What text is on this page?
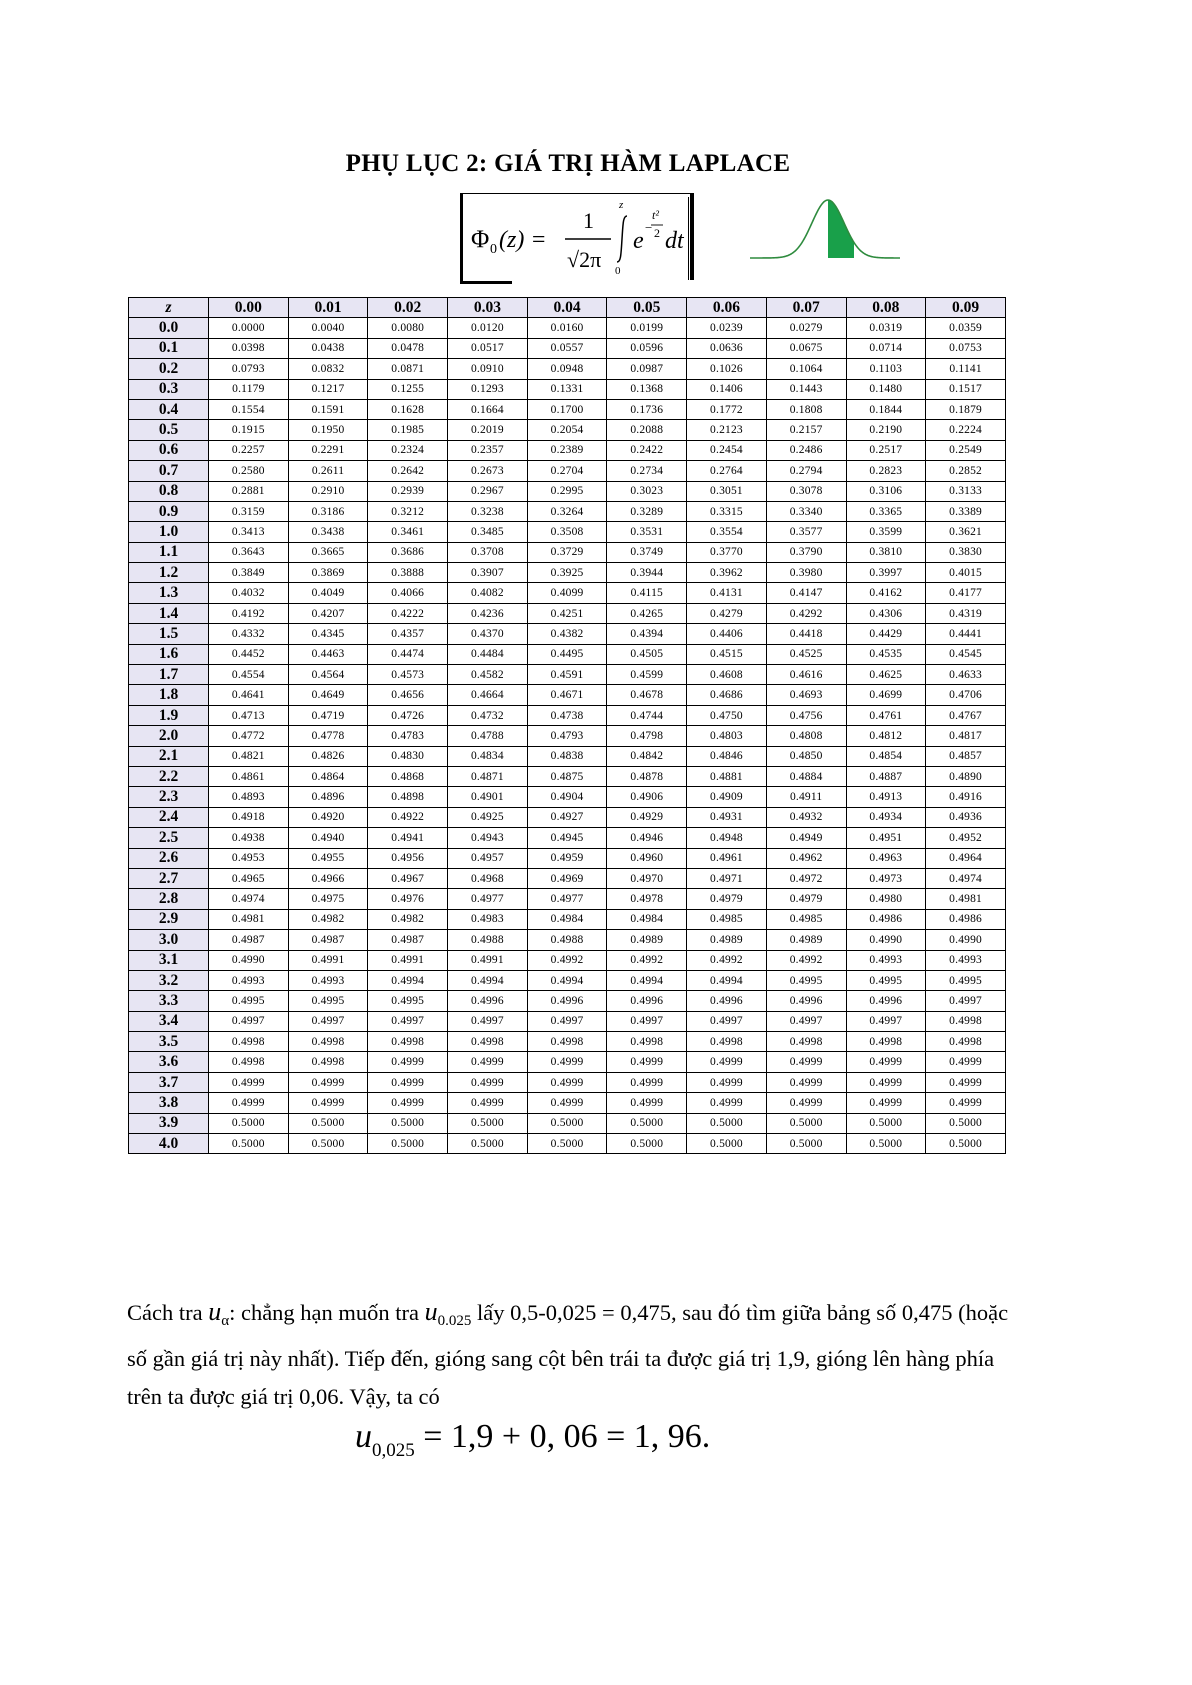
PHỤ LỤC 2: GIÁ TRỊ HÀM LAPLACE
Φ 0 (z) =
1
√2π
z
0
e
−
t²
2 dt
z	0.00	0.01	0.02	0.03	0.04	0.05	0.06	0.07	0.08	0.09
0.0	0.0000	0.0040	0.0080	0.0120	0.0160	0.0199	0.0239	0.0279	0.0319	0.0359
0.1	0.0398	0.0438	0.0478	0.0517	0.0557	0.0596	0.0636	0.0675	0.0714	0.0753
0.2	0.0793	0.0832	0.0871	0.0910	0.0948	0.0987	0.1026	0.1064	0.1103	0.1141
0.3	0.1179	0.1217	0.1255	0.1293	0.1331	0.1368	0.1406	0.1443	0.1480	0.1517
0.4	0.1554	0.1591	0.1628	0.1664	0.1700	0.1736	0.1772	0.1808	0.1844	0.1879
0.5	0.1915	0.1950	0.1985	0.2019	0.2054	0.2088	0.2123	0.2157	0.2190	0.2224
0.6	0.2257	0.2291	0.2324	0.2357	0.2389	0.2422	0.2454	0.2486	0.2517	0.2549
0.7	0.2580	0.2611	0.2642	0.2673	0.2704	0.2734	0.2764	0.2794	0.2823	0.2852
0.8	0.2881	0.2910	0.2939	0.2967	0.2995	0.3023	0.3051	0.3078	0.3106	0.3133
0.9	0.3159	0.3186	0.3212	0.3238	0.3264	0.3289	0.3315	0.3340	0.3365	0.3389
1.0	0.3413	0.3438	0.3461	0.3485	0.3508	0.3531	0.3554	0.3577	0.3599	0.3621
1.1	0.3643	0.3665	0.3686	0.3708	0.3729	0.3749	0.3770	0.3790	0.3810	0.3830
1.2	0.3849	0.3869	0.3888	0.3907	0.3925	0.3944	0.3962	0.3980	0.3997	0.4015
1.3	0.4032	0.4049	0.4066	0.4082	0.4099	0.4115	0.4131	0.4147	0.4162	0.4177
1.4	0.4192	0.4207	0.4222	0.4236	0.4251	0.4265	0.4279	0.4292	0.4306	0.4319
1.5	0.4332	0.4345	0.4357	0.4370	0.4382	0.4394	0.4406	0.4418	0.4429	0.4441
1.6	0.4452	0.4463	0.4474	0.4484	0.4495	0.4505	0.4515	0.4525	0.4535	0.4545
1.7	0.4554	0.4564	0.4573	0.4582	0.4591	0.4599	0.4608	0.4616	0.4625	0.4633
1.8	0.4641	0.4649	0.4656	0.4664	0.4671	0.4678	0.4686	0.4693	0.4699	0.4706
1.9	0.4713	0.4719	0.4726	0.4732	0.4738	0.4744	0.4750	0.4756	0.4761	0.4767
2.0	0.4772	0.4778	0.4783	0.4788	0.4793	0.4798	0.4803	0.4808	0.4812	0.4817
2.1	0.4821	0.4826	0.4830	0.4834	0.4838	0.4842	0.4846	0.4850	0.4854	0.4857
2.2	0.4861	0.4864	0.4868	0.4871	0.4875	0.4878	0.4881	0.4884	0.4887	0.4890
2.3	0.4893	0.4896	0.4898	0.4901	0.4904	0.4906	0.4909	0.4911	0.4913	0.4916
2.4	0.4918	0.4920	0.4922	0.4925	0.4927	0.4929	0.4931	0.4932	0.4934	0.4936
2.5	0.4938	0.4940	0.4941	0.4943	0.4945	0.4946	0.4948	0.4949	0.4951	0.4952
2.6	0.4953	0.4955	0.4956	0.4957	0.4959	0.4960	0.4961	0.4962	0.4963	0.4964
2.7	0.4965	0.4966	0.4967	0.4968	0.4969	0.4970	0.4971	0.4972	0.4973	0.4974
2.8	0.4974	0.4975	0.4976	0.4977	0.4977	0.4978	0.4979	0.4979	0.4980	0.4981
2.9	0.4981	0.4982	0.4982	0.4983	0.4984	0.4984	0.4985	0.4985	0.4986	0.4986
3.0	0.4987	0.4987	0.4987	0.4988	0.4988	0.4989	0.4989	0.4989	0.4990	0.4990
3.1	0.4990	0.4991	0.4991	0.4991	0.4992	0.4992	0.4992	0.4992	0.4993	0.4993
3.2	0.4993	0.4993	0.4994	0.4994	0.4994	0.4994	0.4994	0.4995	0.4995	0.4995
3.3	0.4995	0.4995	0.4995	0.4996	0.4996	0.4996	0.4996	0.4996	0.4996	0.4997
3.4	0.4997	0.4997	0.4997	0.4997	0.4997	0.4997	0.4997	0.4997	0.4997	0.4998
3.5	0.4998	0.4998	0.4998	0.4998	0.4998	0.4998	0.4998	0.4998	0.4998	0.4998
3.6	0.4998	0.4998	0.4999	0.4999	0.4999	0.4999	0.4999	0.4999	0.4999	0.4999
3.7	0.4999	0.4999	0.4999	0.4999	0.4999	0.4999	0.4999	0.4999	0.4999	0.4999
3.8	0.4999	0.4999	0.4999	0.4999	0.4999	0.4999	0.4999	0.4999	0.4999	0.4999
3.9	0.5000	0.5000	0.5000	0.5000	0.5000	0.5000	0.5000	0.5000	0.5000	0.5000
4.0	0.5000	0.5000	0.5000	0.5000	0.5000	0.5000	0.5000	0.5000	0.5000	0.5000
Cách tra $u_\alpha$: chẳng hạn muốn tra $u_{0.025}$ lấy 0,5-0,025 = 0,475, sau đó tìm giữa bảng số 0,475 (hoặc số gần giá trị này nhất). Tiếp đến, gióng sang cột bên trái ta được giá trị 1,9, gióng lên hàng phía trên ta được giá trị 0,06. Vậy, ta có
$u_{0,025} = 1,9 + 0$, 06 = 1, 96.
